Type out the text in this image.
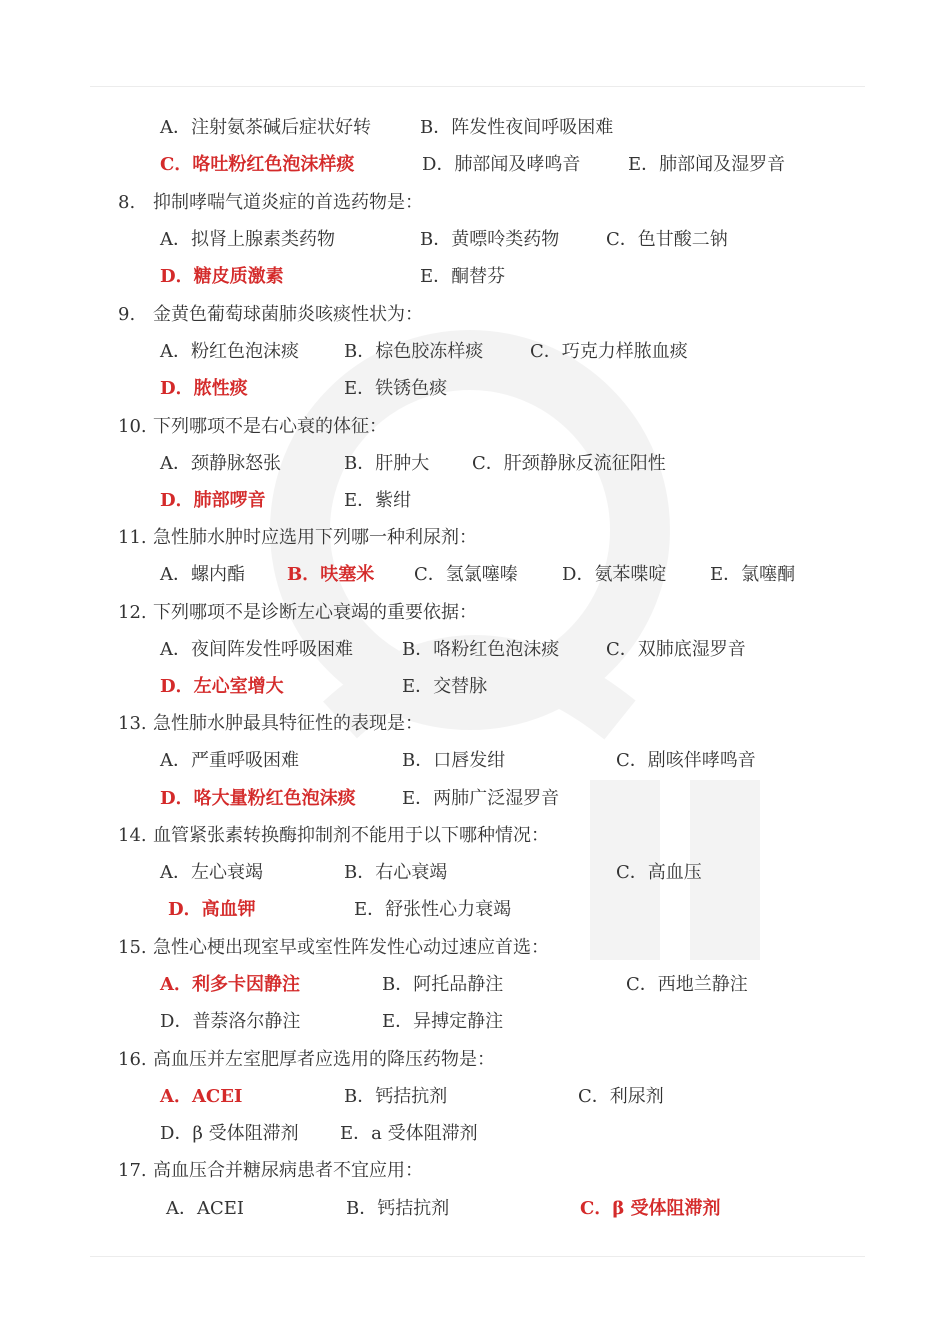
A．注射氨茶碱后症状好转	B．阵发性夜间呼吸困难
C．咯吐粉红色泡沫样痰	D．肺部闻及哮鸣音	E．肺部闻及湿罗音
8. 抑制哮喘气道炎症的首选药物是：
A．拟肾上腺素类药物	B．黄嘌呤类药物	C．色甘酸二钠
D．糖皮质激素	E．酮替芬
9. 金黄色葡萄球菌肺炎咳痰性状为：
A．粉红色泡沫痰	B．棕色胶冻样痰	C．巧克力样脓血痰
D．脓性痰	E．铁锈色痰
10. 下列哪项不是右心衰的体征：
A．颈静脉怒张	B．肝肿大 C．肝颈静脉反流征阳性
D．肺部啰音	E．紫绀
11. 急性肺水肿时应选用下列哪一种利尿剂：
A．螺内酯 B．呋塞米 C．氢氯噻嗪 D．氨苯喋啶 E．氯噻酮
12. 下列哪项不是诊断左心衰竭的重要依据：
A．夜间阵发性呼吸困难	B．咯粉红色泡沫痰	C．双肺底湿罗音
D．左心室增大	E．交替脉
13. 急性肺水肿最具特征性的表现是：
A．严重呼吸困难	B．口唇发绀	C．剧咳伴哮鸣音
D．咯大量粉红色泡沫痰	E．两肺广泛湿罗音
14. 血管紧张素转换酶抑制剂不能用于以下哪种情况：
A．左心衰竭	B．右心衰竭	C．高血压
D．高血钾	E．舒张性心力衰竭
15. 急性心梗出现室早或室性阵发性心动过速应首选：
A．利多卡因静注	B．阿托品静注	C．西地兰静注
D．普萘洛尔静注	E．异搏定静注
16. 高血压并左室肥厚者应选用的降压药物是：
A．ACEI	B．钙拮抗剂	C．利尿剂
D．β 受体阻滞剂 E．a 受体阻滞剂
17. 高血压合并糖尿病患者不宜应用：
A．ACEI	B．钙拮抗剂	C．β 受体阻滞剂
